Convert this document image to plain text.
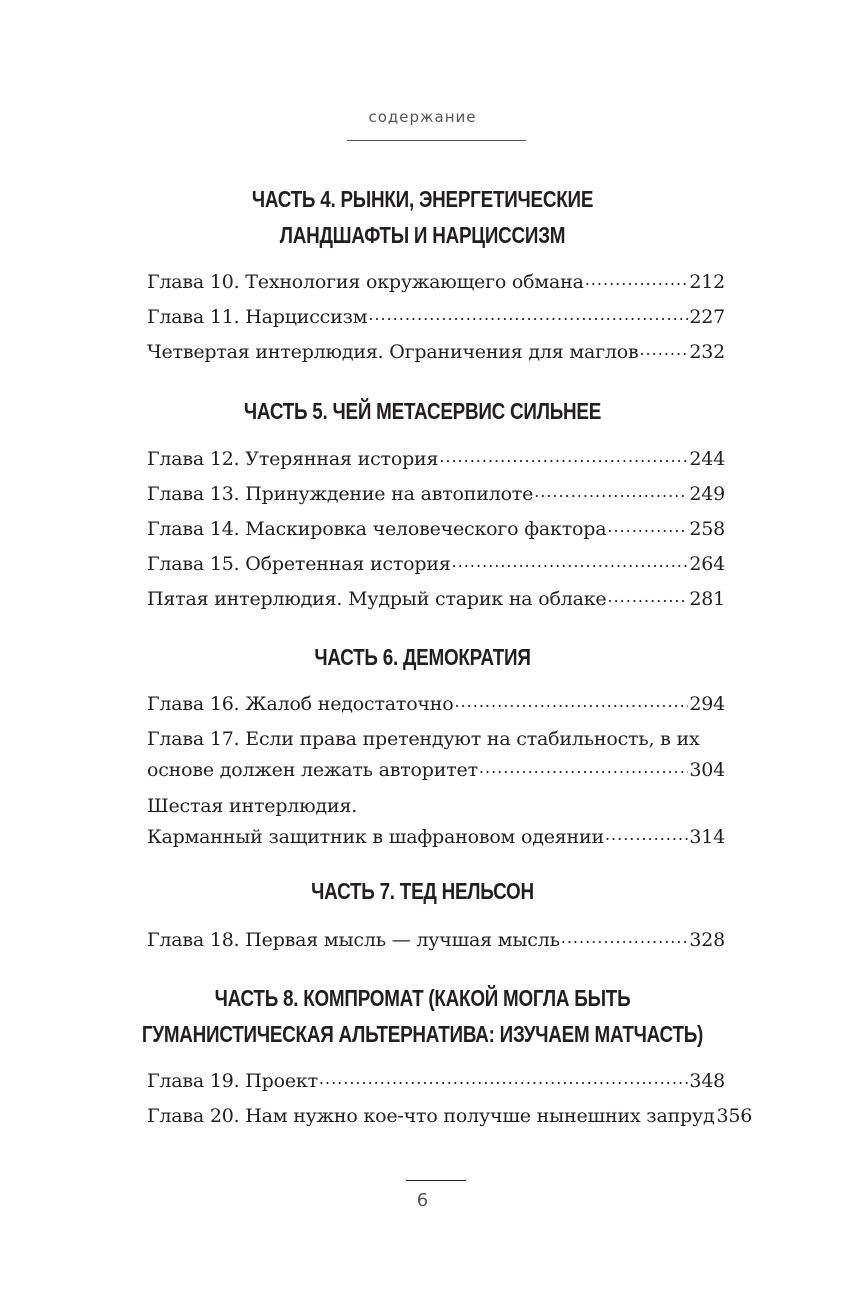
содержание
ЧАСТЬ 4. РЫНКИ, ЭНЕРГЕТИЧЕСКИЕ
ЛАНДШАФТЫ И НАРЦИССИЗМ
Глава 10. Технология окружающего обмана .....	212
Глава 11. Нарциссизм .....	227
Четвертая интерлюдия. Ограничения для маглов .....	232
ЧАСТЬ 5. ЧЕЙ МЕТАСЕРВИС СИЛЬНЕЕ
Глава 12. Утерянная история .....	244
Глава 13. Принуждение на автопилоте .....	249
Глава 14. Маскировка человеческого фактора .....	258
Глава 15. Обретенная история .....	264
Пятая интерлюдия. Мудрый старик на облаке .....	281
ЧАСТЬ 6. ДЕМОКРАТИЯ
Глава 16. Жалоб недостаточно .....	294
Глава 17. Если права претендуют на стабильность, в их
основе должен лежать авторитет .....	304
Шестая интерлюдия.
Карманный защитник в шафрановом одеянии .....	314
ЧАСТЬ 7. ТЕД НЕЛЬСОН
Глава 18. Первая мысль — лучшая мысль .....	328
ЧАСТЬ 8. КОМПРОМАТ (КАКОЙ МОГЛА БЫТЬ
ГУМАНИСТИЧЕСКАЯ АЛЬТЕРНАТИВА: ИЗУЧАЕМ МАТЧАСТЬ)
Глава 19. Проект .....	348
Глава 20. Нам нужно кое-что получше нынешних запруд 356
6
